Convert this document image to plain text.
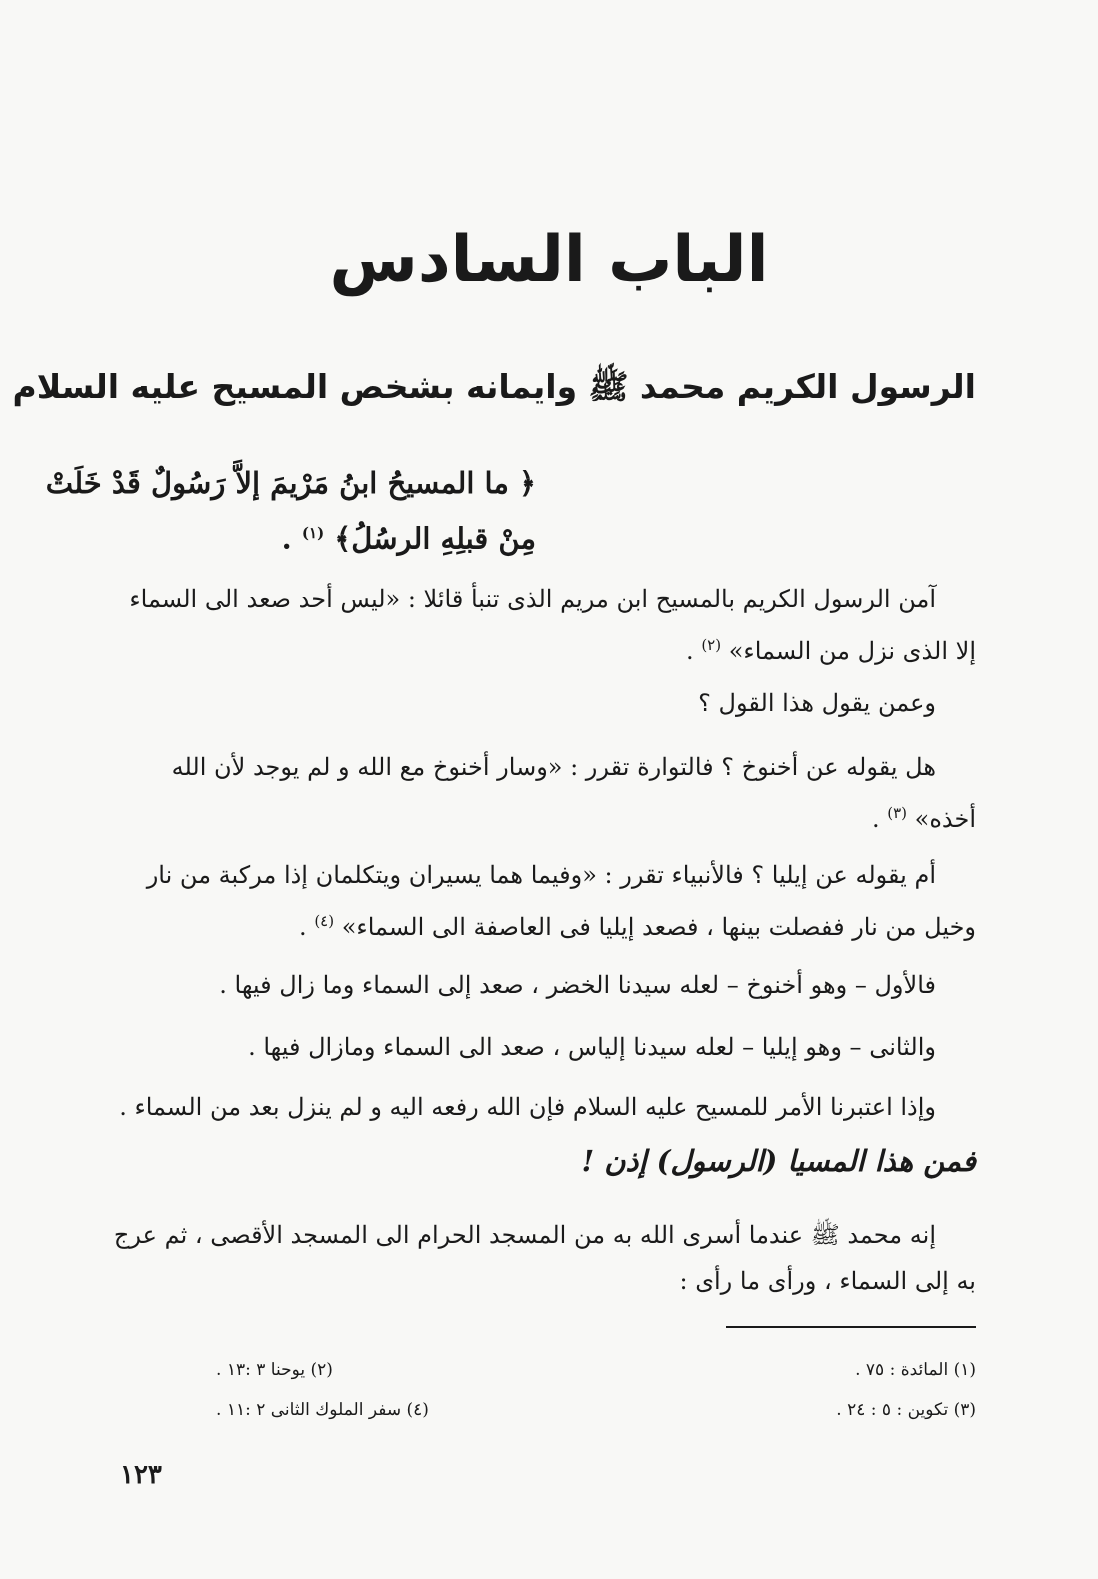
الباب السادس
الرسول الكريم محمد ﷺ وايمانه بشخص المسيح عليه السلام
﴿ ما المسيحُ ابنُ مَرْيمَ إلاَّ رَسُولٌ قَدْ خَلَتْ
مِنْ قبلِهِ الرسُلُ﴾ $^{(١)}$ .
آمن الرسول الكريم بالمسيح ابن مريم الذى تنبأ قائلا : «ليس أحد صعد الى السماء
إلا الذى نزل من السماء» $^{(٢)}$ .
وعمن يقول هذا القول ؟
هل يقوله عن أخنوخ ؟ فالتوارة تقرر : «وسار أخنوخ مع الله و لم يوجد لأن الله
أخذه» $^{(٣)}$ .
أم يقوله عن إيليا ؟ فالأنبياء تقرر : «وفيما هما يسيران ويتكلمان إذا مركبة من نار
وخيل من نار ففصلت بينها ، فصعد إيليا فى العاصفة الى السماء» $^{(٤)}$ .
فالأول – وهو أخنوخ – لعله سيدنا الخضر ، صعد إلى السماء وما زال فيها .
والثانى – وهو إيليا – لعله سيدنا إلياس ، صعد الى السماء ومازال فيها .
وإذا اعتبرنا الأمر للمسيح عليه السلام فإن الله رفعه اليه و لم ينزل بعد من السماء .
فمن هذا المسيا (الرسول) إذن !
إنه محمد ﷺ عندما أسرى الله به من المسجد الحرام الى المسجد الأقصى ، ثم عرج
به إلى السماء ، ورأى ما رأى :
(١) المائدة : ٧٥ .
(٢) يوحنا ٣ :١٣ .
(٣) تكوين : ٥ : ٢٤ .
(٤) سفر الملوك الثانى ٢ :١١ .
١٢٣
